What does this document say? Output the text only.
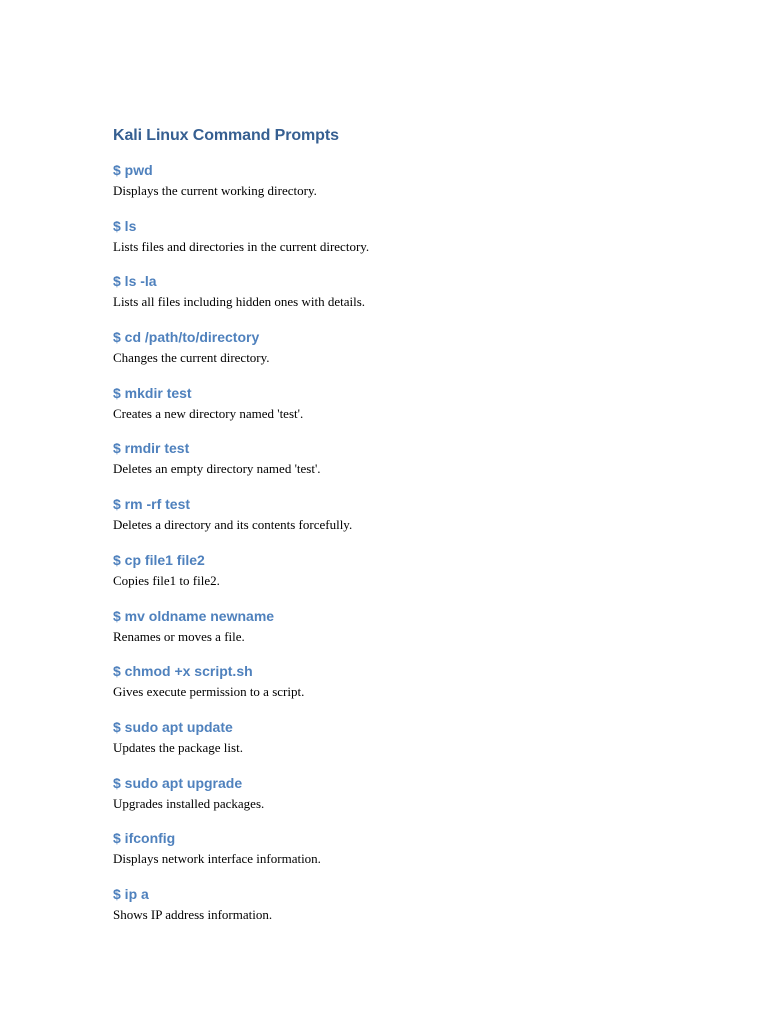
Kali Linux Command Prompts
$ pwd
Displays the current working directory.
$ ls
Lists files and directories in the current directory.
$ ls -la
Lists all files including hidden ones with details.
$ cd /path/to/directory
Changes the current directory.
$ mkdir test
Creates a new directory named 'test'.
$ rmdir test
Deletes an empty directory named 'test'.
$ rm -rf test
Deletes a directory and its contents forcefully.
$ cp file1 file2
Copies file1 to file2.
$ mv oldname newname
Renames or moves a file.
$ chmod +x script.sh
Gives execute permission to a script.
$ sudo apt update
Updates the package list.
$ sudo apt upgrade
Upgrades installed packages.
$ ifconfig
Displays network interface information.
$ ip a
Shows IP address information.
